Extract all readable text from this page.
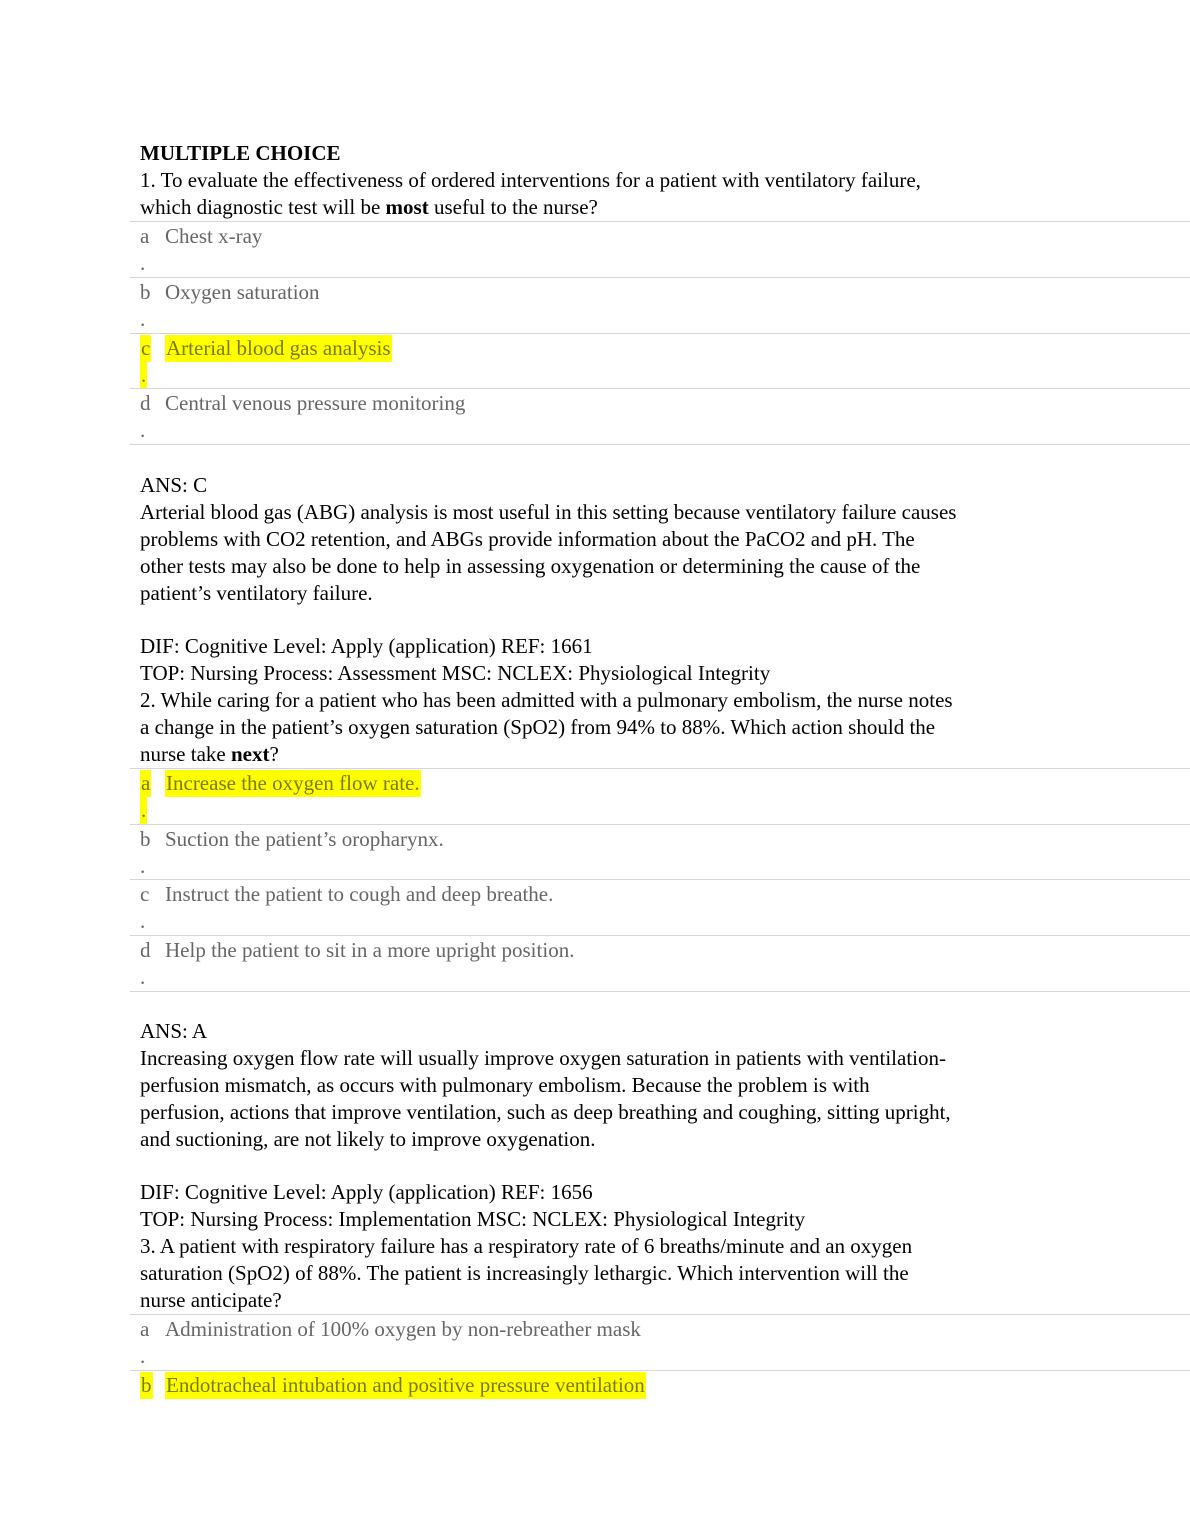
MULTIPLE CHOICE
1. To evaluate the effectiveness of ordered interventions for a patient with ventilatory failure,
which diagnostic test will be most useful to the nurse?
a Chest x-ray
.
b Oxygen saturation
.
c Arterial blood gas analysis
.
d Central venous pressure monitoring
.
ANS: C
Arterial blood gas (ABG) analysis is most useful in this setting because ventilatory failure causes
problems with CO2 retention, and ABGs provide information about the PaCO2 and pH. The
other tests may also be done to help in assessing oxygenation or determining the cause of the
patient’s ventilatory failure.
DIF: Cognitive Level: Apply (application) REF: 1661
TOP: Nursing Process: Assessment MSC: NCLEX: Physiological Integrity
2. While caring for a patient who has been admitted with a pulmonary embolism, the nurse notes
a change in the patient’s oxygen saturation (SpO2) from 94% to 88%. Which action should the
nurse take next?
a Increase the oxygen flow rate.
.
b Suction the patient’s oropharynx.
.
c Instruct the patient to cough and deep breathe.
.
d Help the patient to sit in a more upright position.
.
ANS: A
Increasing oxygen flow rate will usually improve oxygen saturation in patients with ventilation-
perfusion mismatch, as occurs with pulmonary embolism. Because the problem is with
perfusion, actions that improve ventilation, such as deep breathing and coughing, sitting upright,
and suctioning, are not likely to improve oxygenation.
DIF: Cognitive Level: Apply (application) REF: 1656
TOP: Nursing Process: Implementation MSC: NCLEX: Physiological Integrity
3. A patient with respiratory failure has a respiratory rate of 6 breaths/minute and an oxygen
saturation (SpO2) of 88%. The patient is increasingly lethargic. Which intervention will the
nurse anticipate?
a Administration of 100% oxygen by non-rebreather mask
.
b Endotracheal intubation and positive pressure ventilation
